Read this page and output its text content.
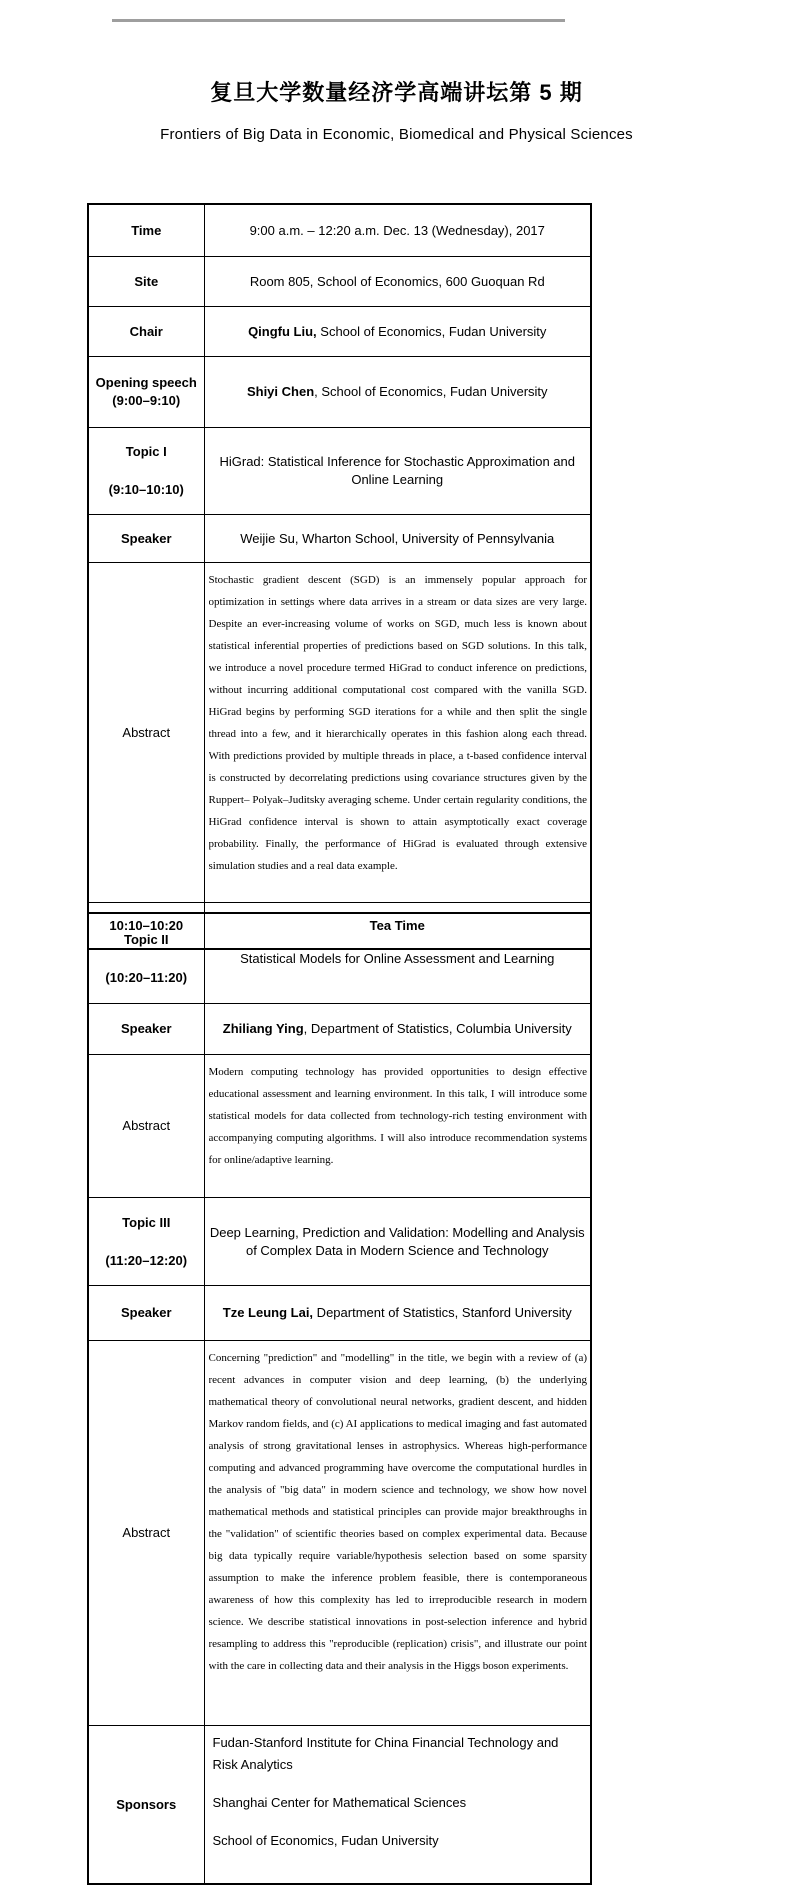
复旦大学数量经济学高端讲坛第 5 期
Frontiers of Big Data in Economic, Biomedical and Physical Sciences
Time	9:00 a.m. – 12:20 a.m. Dec. 13 (Wednesday), 2017
Site	Room 805, School of Economics, 600 Guoquan Rd
Chair	Qingfu Liu, School of Economics, Fudan University

Opening speech
(9:00–9:10)	Shiyi Chen, School of Economics, Fudan University

Topic I
(9:10–10:10)	HiGrad: Statistical Inference for Stochastic Approximation and Online Learning
Speaker	Weijie Su, Wharton School, University of Pennsylvania
Abstract	Stochastic gradient descent (SGD) is an immensely popular approach for optimization in settings where data arrives in a stream or data sizes are very large. Despite an ever-increasing volume of works on SGD, much less is known about statistical inferential properties of predictions based on SGD solutions. In this talk, we introduce a novel procedure termed HiGrad to conduct inference on predictions, without incurring additional computational cost compared with the vanilla SGD. HiGrad begins by performing SGD iterations for a while and then split the single thread into a few, and it hierarchically operates in this fashion along each thread. With predictions provided by multiple threads in place, a t-based confidence interval is constructed by decorrelating predictions using covariance structures given by the Ruppert– Polyak–Juditsky averaging scheme. Under certain regularity conditions, the HiGrad confidence interval is shown to attain asymptotically exact coverage probability. Finally, the performance of HiGrad is evaluated through extensive simulation studies and a real data example.

10:10–10:20	Tea Time
Topic II
(10:20–11:20)	Statistical Models for Online Assessment and Learning
Speaker	Zhiliang Ying, Department of Statistics, Columbia University
Abstract	Modern computing technology has provided opportunities to design effective educational assessment and learning environment. In this talk, I will introduce some statistical models for data collected from technology-rich testing environment with accompanying computing algorithms. I will also introduce recommendation systems for online/adaptive learning.

Topic III
(11:20–12:20)	Deep Learning, Prediction and Validation: Modelling and Analysis of Complex Data in Modern Science and Technology
Speaker	Tze Leung Lai, Department of Statistics, Stanford University
Abstract	Concerning "prediction" and "modelling" in the title, we begin with a review of (a) recent advances in computer vision and deep learning, (b) the underlying mathematical theory of convolutional neural networks, gradient descent, and hidden Markov random fields, and (c) AI applications to medical imaging and fast automated analysis of strong gravitational lenses in astrophysics. Whereas high-performance computing and advanced programming have overcome the computational hurdles in the analysis of "big data" in modern science and technology, we show how novel mathematical methods and statistical principles can provide major breakthroughs in the "validation" of scientific theories based on complex experimental data. Because big data typically require variable/hypothesis selection based on some sparsity assumption to make the inference problem feasible, there is contemporaneous awareness of how this complexity has led to irreproducible research in modern science. We describe statistical innovations in post-selection inference and hybrid resampling to address this "reproducible (replication) crisis", and illustrate our point with the care in collecting data and their analysis in the Higgs boson experiments.

Sponsors	Fudan-Stanford Institute for China Financial Technology and Risk Analytics

Shanghai Center for Mathematical Sciences

School of Economics, Fudan University
